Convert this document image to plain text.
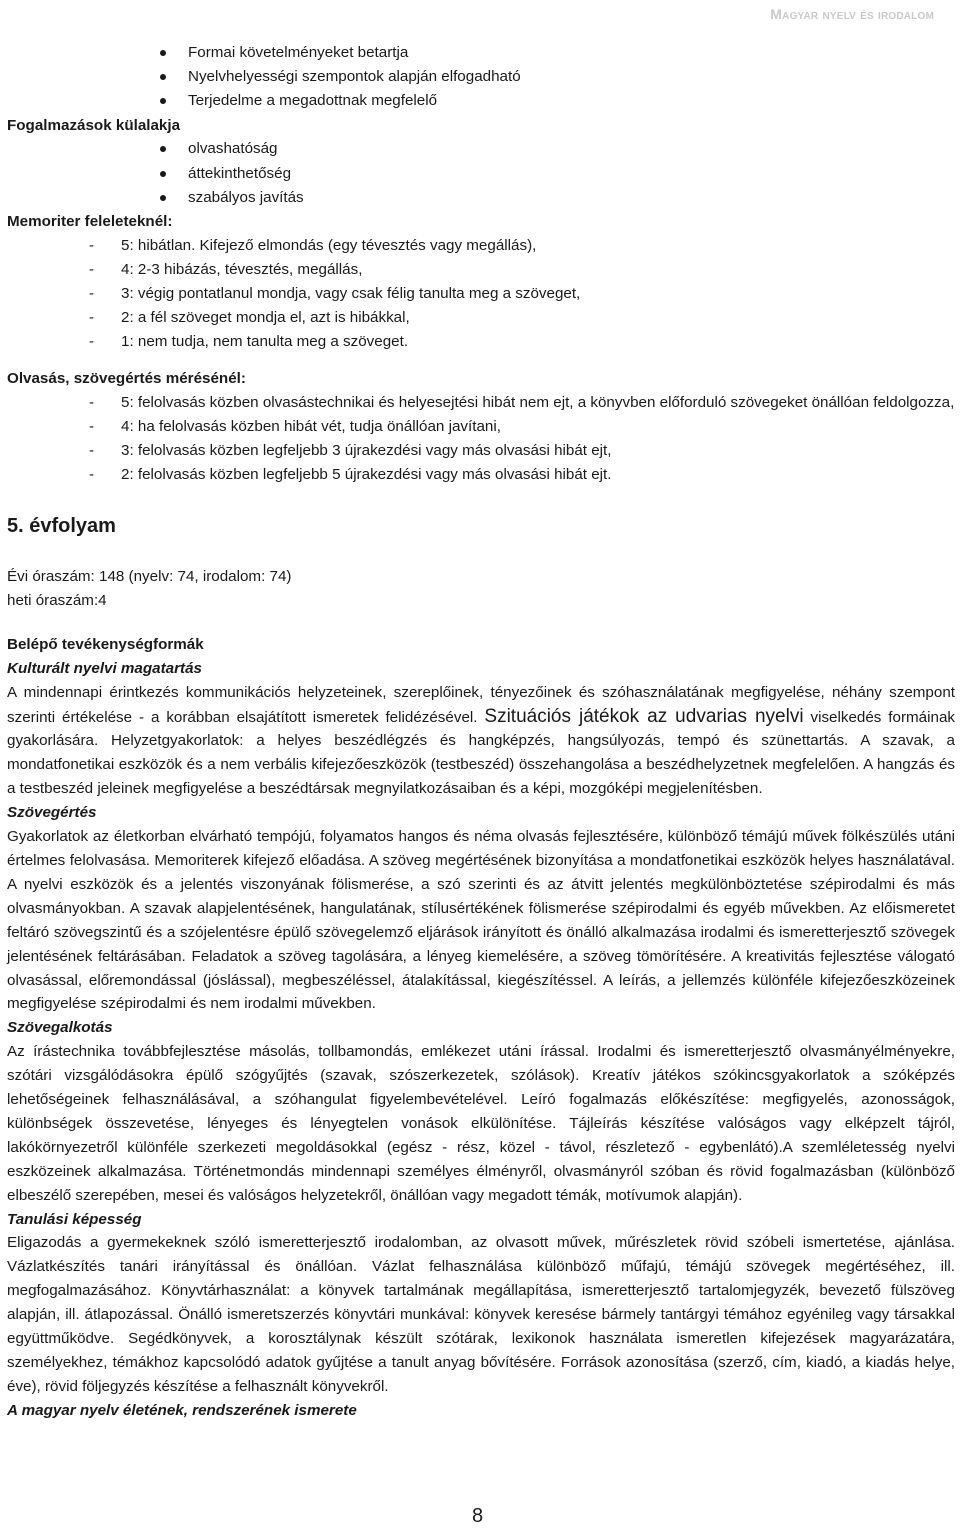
Magyar nyelv és irodalom
Formai követelményeket betartja
Nyelvhelyességi szempontok alapján elfogadható
Terjedelme a megadottnak megfelelő
Fogalmazások külalakja
olvashatóság
áttekinthetőség
szabályos javítás
Memoriter feleleteknél:
- 5: hibátlan. Kifejező elmondás (egy tévesztés vagy megállás),
- 4: 2-3 hibázás, tévesztés, megállás,
- 3: végig pontatlanul mondja, vagy csak félig tanulta meg a szöveget,
- 2: a fél szöveget mondja el, azt is hibákkal,
- 1: nem tudja, nem tanulta meg a szöveget.
Olvasás, szövegértés mérésénél:
- 5: felolvasás közben olvasástechnikai és helyesejtési hibát nem ejt, a könyvben előforduló szövegeket önállóan feldolgozza,
- 4: ha felolvasás közben hibát vét, tudja önállóan javítani,
- 3: felolvasás közben legfeljebb 3 újrakezdési vagy más olvasási hibát ejt,
- 2: felolvasás közben legfeljebb 5 újrakezdési vagy más olvasási hibát ejt.
5. évfolyam
Évi óraszám: 148 (nyelv: 74, irodalom: 74)
heti óraszám:4
Belépő tevékenységformák
Kulturált nyelvi magatartás

A mindennapi érintkezés kommunikációs helyzeteinek, szereplőinek, tényezőinek és szóhasználatának megfigyelése, néhány szempont szerinti értékelése - a korábban elsajátított ismeretek felidézésével. Szituációs játékok az udvarias nyelvi viselkedés formáinak gyakorlására. Helyzetgyakorlatok: a helyes beszédlégzés és hangképzés, hangsúlyozás, tempó és szünettartás. A szavak, a mondatfonetikai eszközök és a nem verbális kifejezőeszközök (testbeszéd) összehangolása a beszédhelyzetnek megfelelően. A hangzás és a testbeszéd jeleinek megfigyelése a beszédtársak megnyilatkozásaiban és a képi, mozgóképi megjelenítésben.

Szövegértés

Gyakorlatok az életkorban elvárható tempójú, folyamatos hangos és néma olvasás fejlesztésére, különböző témájú művek fölkészülés utáni értelmes felolvasása. Memoriterek kifejező előadása. A szöveg megértésének bizonyítása a mondatfonetikai eszközök helyes használatával. A nyelvi eszközök és a jelentés viszonyának fölismerése, a szó szerinti és az átvitt jelentés megkülönböztetése szépirodalmi és más olvasmányokban. A szavak alapjelentésének, hangulatának, stílusértékének fölismerése szépirodalmi és egyéb művekben. Az előismeretet feltáró szövegszintű és a szójelentésre épülő szövegelemző eljárások irányított és önálló alkalmazása irodalmi és ismeretterjesztő szövegek jelentésének feltárásában. Feladatok a szöveg tagolására, a lényeg kiemelésére, a szöveg tömörítésére. A kreativitás fejlesztése válogató olvasással, előremondással (jóslással), megbeszéléssel, átalakítással, kiegészítéssel. A leírás, a jellemzés különféle kifejezőeszközeinek megfigyelése szépirodalmi és nem irodalmi művekben.

Szövegalkotás

Az írástechnika továbbfejlesztése másolás, tollbamondás, emlékezet utáni írással. Irodalmi és ismeretterjesztő olvasmányélményekre, szótári vizsgálódásokra épülő szógyűjtés (szavak, szószerkezetek, szólások). Kreatív játékos szókincsgyakorlatok a szóképzés lehetőségeinek felhasználásával, a szóhangulat figyelembevételével. Leíró fogalmazás előkészítése: megfigyelés, azonosságok, különbségek összevetése, lényeges és lényegtelen vonások elkülönítése. Tájleírás készítése valóságos vagy elképzelt tájról, lakókörnyezetről különféle szerkezeti megoldásokkal (egész - rész, közel - távol, részletező - egybenlátó).A szemléletesség nyelvi eszközeinek alkalmazása. Történetmondás mindennapi személyes élményről, olvasmányról szóban és rövid fogalmazásban (különböző elbeszélő szerepében, mesei és valóságos helyzetekről, önállóan vagy megadott témák, motívumok alapján).

Tanulási képesség

Eligazodás a gyermekeknek szóló ismeretterjesztő irodalomban, az olvasott művek, műrészletek rövid szóbeli ismertetése, ajánlása. Vázlatkészítés tanári irányítással és önállóan. Vázlat felhasználása különböző műfajú, témájú szövegek megértéséhez, ill. megfogalmazásához. Könyvtárhasználat: a könyvek tartalmának megállapítása, ismeretterjesztő tartalomjegyzék, bevezető fülszöveg alapján, ill. átlapozással. Önálló ismeretszerzés könyvtári munkával: könyvek keresése bármely tantárgyi témához egyénileg vagy társakkal együttműködve. Segédkönyvek, a korosztálynak készült szótárak, lexikonok használata ismeretlen kifejezések magyarázatára, személyekhez, témákhoz kapcsolódó adatok gyűjtése a tanult anyag bővítésére. Források azonosítása (szerző, cím, kiadó, a kiadás helye, éve), rövid följegyzés készítése a felhasznált könyvekről.

A magyar nyelv életének, rendszerének ismerete
8
